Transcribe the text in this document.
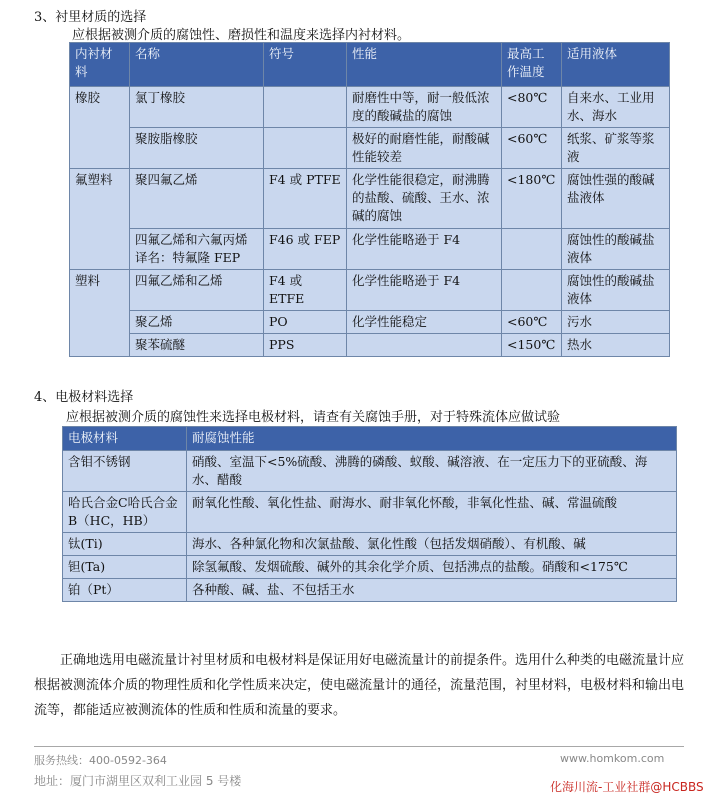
3、衬里材质的选择
应根据被测介质的腐蚀性、磨损性和温度来选择内衬材料。
内衬材料	名称	符号	性能	最高工作温度	适用液体
橡胶	氯丁橡胶		耐磨性中等，耐一般低浓度的酸碱盐的腐蚀	<80℃	自来水、工业用水、海水
	聚胺脂橡胶		极好的耐磨性能，耐酸碱性能较差	<60℃	纸浆、矿浆等浆液
氟塑料	聚四氟乙烯	F4 或 PTFE	化学性能很稳定，耐沸腾的盐酸、硫酸、王水、浓碱的腐蚀	<180℃	腐蚀性强的酸碱盐液体
	四氟乙烯和六氟丙烯译名：特氟隆 FEP	F46 或 FEP	化学性能略逊于 F4		腐蚀性的酸碱盐液体
塑料	四氟乙烯和乙烯	F4 或 ETFE	化学性能略逊于 F4		腐蚀性的酸碱盐液体
	聚乙烯	PO	化学性能稳定	<60℃	污水
	聚苯硫醚	PPS		<150℃	热水
4、电极材料选择
应根据被测介质的腐蚀性来选择电极材料，请查有关腐蚀手册，对于特殊流体应做试验
电极材料	耐腐蚀性能
含钼不锈钢	硝酸、室温下<5%硫酸、沸腾的磷酸、蚁酸、碱溶液、在一定压力下的亚硫酸、海水、醋酸
哈氏合金C哈氏合金B（HC，HB）	耐氧化性酸、氧化性盐、耐海水、耐非氧化怀酸，非氧化性盐、碱、常温硫酸
钛(Ti)	海水、各种氯化物和次氯盐酸、氯化性酸（包括发烟硝酸）、有机酸、碱
钽(Ta)	除氢氟酸、发烟硫酸、碱外的其余化学介质、包括沸点的盐酸。硝酸和<175℃
铂（Pt）	各种酸、碱、盐、不包括王水
正确地选用电磁流量计衬里材质和电极材料是保证用好电磁流量计的前提条件。选用什么种类的电磁流量计应根据被测流体介质的物理性质和化学性质来决定，使电磁流量计的通径，流量范围，衬里材料，电极材料和输出电流等，都能适应被测流体的性质和性质和流量的要求。
服务热线：400-0592-364	www.homkom.com
地址：厦门市湖里区双利工业园 5 号楼	化海川流-工业社群@HCBBS
